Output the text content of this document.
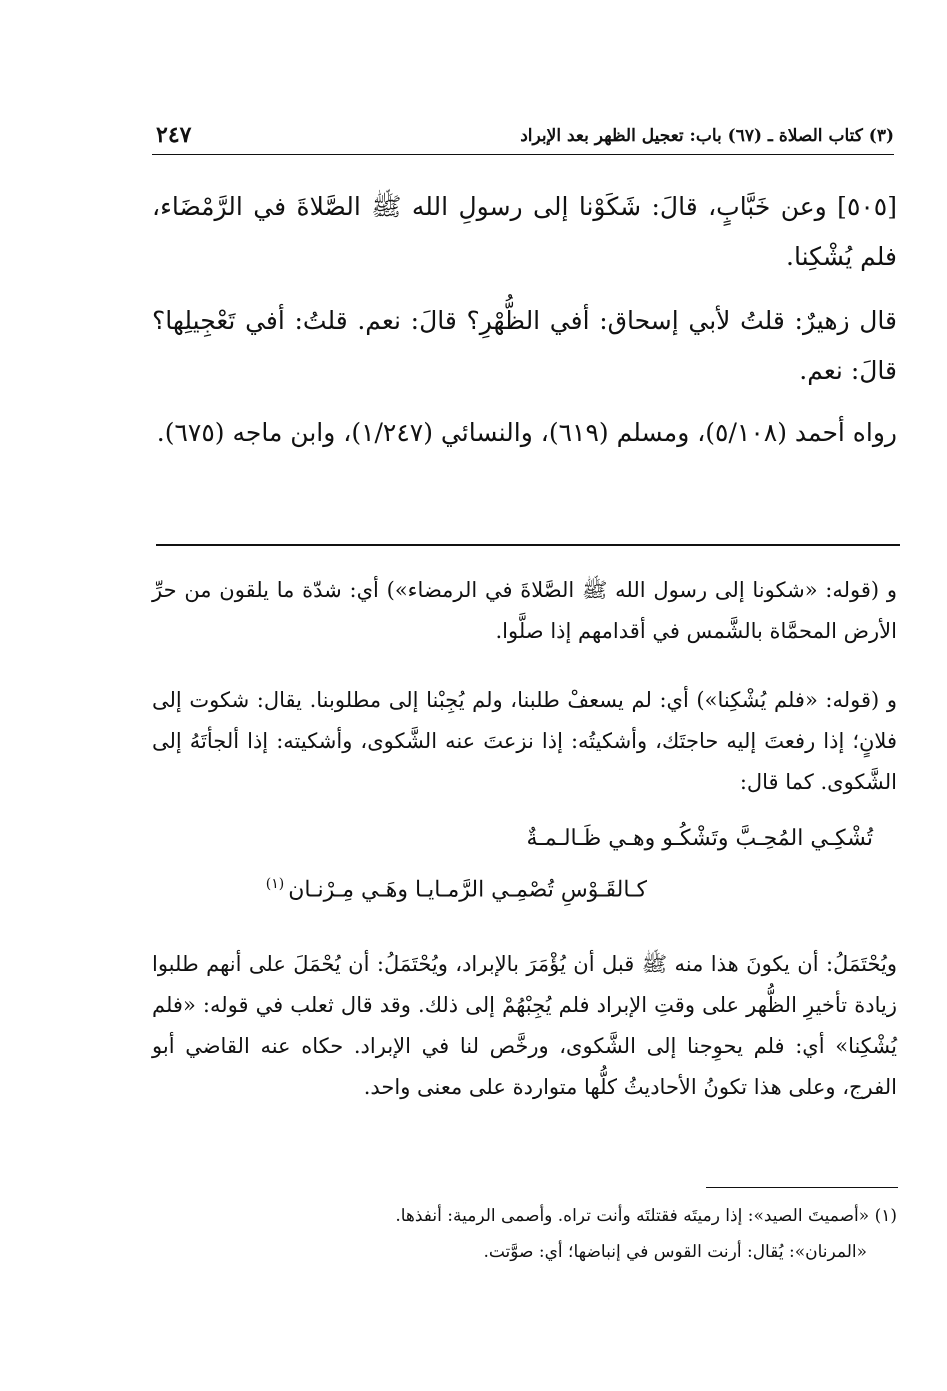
(٣) كتاب الصلاة ـ (٦٧) باب: تعجيل الظهر بعد الإبراد
٢٤٧

[٥٠٥] وعن خَبَّابٍ، قالَ: شَكَوْنا إلى رسولِ الله ﷺ الصَّلاةَ في الرَّمْضَاء، فلم يُشْكِنا.

قال زهيرٌ: قلتُ لأبي إسحاق: أفي الظُّهْرِ؟ قالَ: نعم. قلتُ: أفي تَعْجِيلِها؟ قالَ: نعم.

رواه أحمد (٥/١٠٨)، ومسلم (٦١٩)، والنسائي (١/٢٤٧)، وابن ماجه (٦٧٥).

و (قوله: «شكونا إلى رسول الله ﷺ الصَّلاةَ في الرمضاء») أي: شدّة ما يلقون من حرِّ الأرض المحمَّاة بالشَّمس في أقدامهم إذا صلَّوا.

و (قوله: «فلم يُشْكِنا») أي: لم يسعفْ طلبنا، ولم يُجِبْنا إلى مطلوبنا. يقال: شكوت إلى فلانٍ؛ إذا رفعتَ إليه حاجتَك، وأشكيتُه: إذا نزعتَ عنه الشَّكوى، وأشكيته: إذا ألجأتَهُ إلى الشَّكوى. كما قال:

تُشْكِـي المُحِـبَّ وتَشْكُـو وهـي ظَـالـمـةٌ
كـالقَـوْسِ تُصْمِـي الرَّمـايـا وهَـي مِـرْنـان$^{(١)}$

ويُحْتَمَلُ: أن يكونَ هذا منه ﷺ قبل أن يُؤْمَرَ بالإبراد، ويُحْتَمَلُ: أن يُحْمَلَ على أنهم طلبوا زيادة تأخيرِ الظُّهر على وقتِ الإبراد فلم يُجِبْهُمْ إلى ذلك. وقد قال ثعلب في قوله: «فلم يُشْكِنا» أي: فلم يحوِجنا إلى الشَّكوى، ورخَّص لنا في الإبراد. حكاه عنه القاضي أبو الفرج، وعلى هذا تكونُ الأحاديثُ كلُّها متواردة على معنى واحد.

(١) «أصميتَ الصيد»: إذا رميتَه فقتلتَه وأنت تراه. وأصمى الرمية: أنفذها.

«المرنان»: يُقال: أرنت القوس في إنباضها؛ أي: صوَّتت.
